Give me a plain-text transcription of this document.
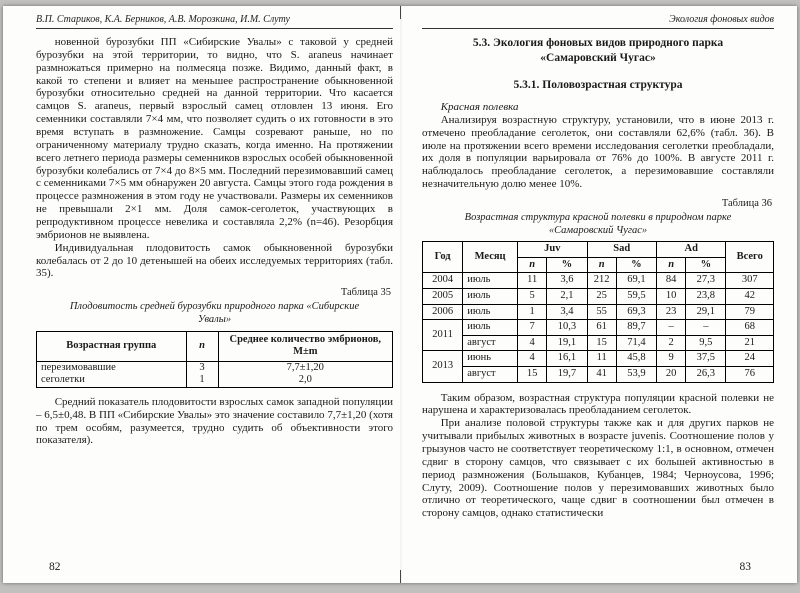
В.П. Стариков, К.А. Берников, А.В. Морозкина, И.М. Слуту

новенной бурозубки ПП «Сибирские Увалы» с таковой у средней бурозубки на этой территории, то видно, что S. araneus начинает размножаться примерно на полмесяца позже. Видимо, данный факт, в какой то степени и влияет на меньшее распространение обыкновенной бурозубки относительно средней на данной территории. Что касается самцов S. araneus, первый взрослый самец отловлен 13 июня. Его семенники составляли 7×4 мм, что позволяет судить о их готовности в это время вступать в размножение. Самцы созревают раньше, но по ограниченному материалу трудно сказать, когда именно. На протяжении всего летнего периода размеры семенников взрослых особей обыкновенной бурозубки колебались от 7×4 до 8×5 мм. Последний перезимовавший самец с семенниками 7×5 мм обнаружен 20 августа. Самцы этого года рождения в процессе размножения в этом году не участвовали. Размеры их семенников не превышали 2×1 мм. Доля самок-сеголеток, участвующих в репродуктивном процессе невелика и составляла 2,2% (n=46). Резорбция эмбрионов не выявлена.

Индивидуальная плодовитость самок обыкновенной бурозубки колебалась от 2 до 10 детенышей на обеих исследуемых территориях (табл. 35).

Таблица 35
Плодовитость средней бурозубки природного парка «Сибирские Увалы»
Возрастная группа	n	Среднее количество эмбрионов, M±m
перезимовавшие	3	7,7±1,20
сеголетки	1	2,0

Средний показатель плодовитости взрослых самок западной популяции – 6,5±0,48. В ПП «Сибирские Увалы» это значение составило 7,7±1,20 (хотя по трем особям, разумеется, трудно судить об объективности этого показателя).

82
Экология фоновых видов
5.3. Экология фоновых видов природного парка «Самаровский Чугас»
5.3.1. Половозрастная структура
Красная полевка

Анализируя возрастную структуру, установили, что в июне 2013 г. отмечено преобладание сеголеток, они составляли 62,6% (табл. 36). В июле на протяжении всего времени исследования сеголетки преобладали, их доля в популяции варьировала от 76% до 100%. В августе 2011 г. наблюдалось преобладание сеголеток, а перезимовавшие составляли незначительную долю менее 10%.

Таблица 36
Возрастная структура красной полевки в природном парке «Самаровский Чугас»
Год	Месяц	Juv		Sad		Ad		Всего
		n	%	n	%	n	%	
2004	июль	11	3,6	212	69,1	84	27,3	307
2005	июль	5	2,1	25	59,5	10	23,8	42
2006	июль	1	3,4	55	69,3	23	29,1	79
2011	июль	7	10,3	61	89,7	–	–	68
	август	4	19,1	15	71,4	2	9,5	21
2013	июнь	4	16,1	11	45,8	9	37,5	24
	август	15	19,7	41	53,9	20	26,3	76

Таким образом, возрастная структура популяции красной полевки не нарушена и характеризовалась преобладанием сеголеток.

При анализе половой структуры также как и для других парков не учитывали прибылых животных в возрасте juvenis. Соотношение полов у грызунов часто не соответствует теоретическому 1:1, в основном, отмечен сдвиг в сторону самцов, что связывает с их большей активностью в период размножения (Большаков, Кубанцев, 1984; Черноусова, 1996; Слуту, 2009). Соотношение полов у перезимовавших животных было отлично от теоретического, чаще сдвиг в соотношении был отмечен в сторону самцов, однако статистически

83
